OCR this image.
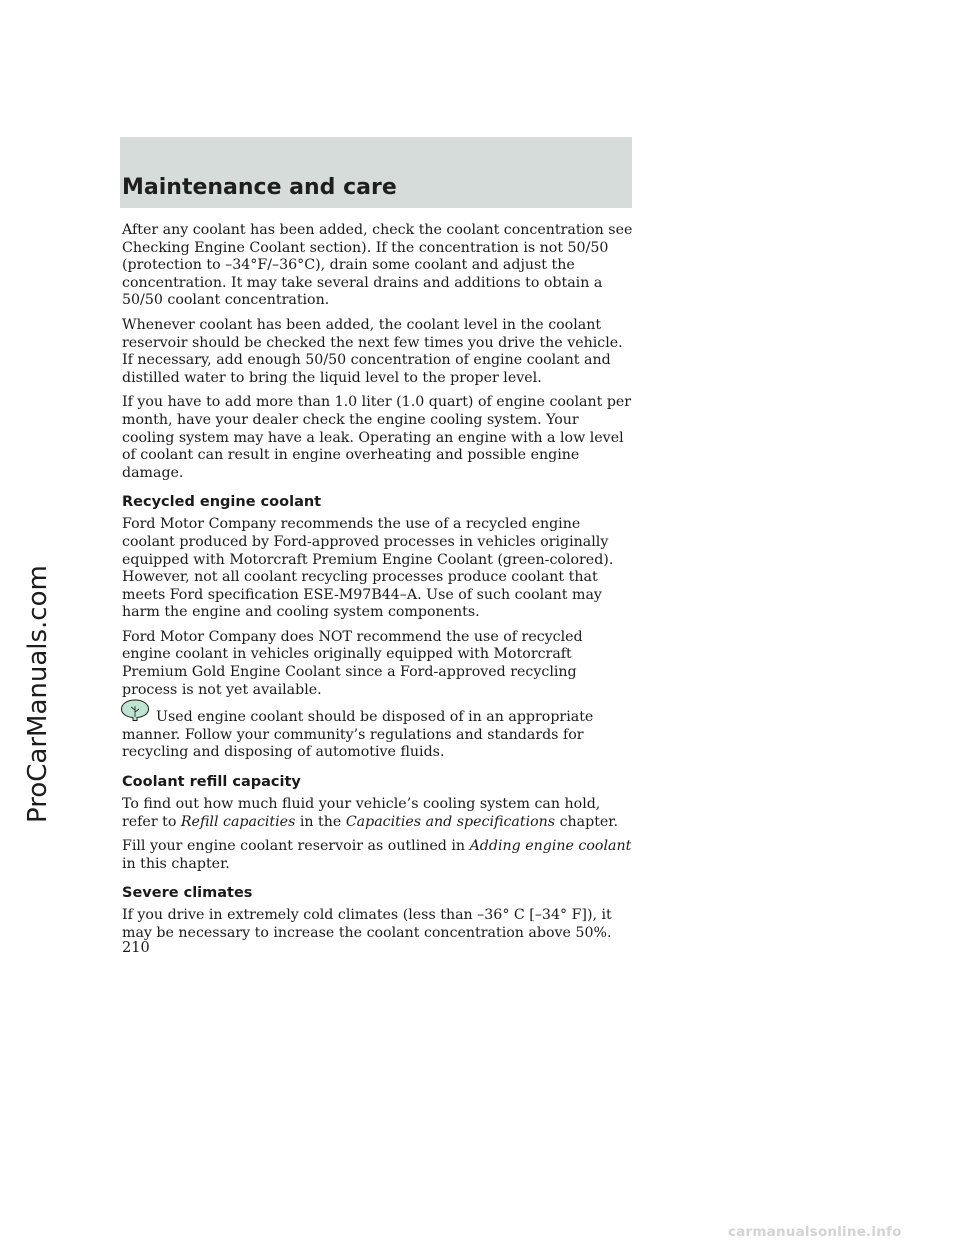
Maintenance and care

After any coolant has been added, check the coolant concentration see Checking Engine Coolant section). If the concentration is not 50/50 (protection to –34°F/–36°C), drain some coolant and adjust the concentration. It may take several drains and additions to obtain a 50/50 coolant concentration.

Whenever coolant has been added, the coolant level in the coolant reservoir should be checked the next few times you drive the vehicle. If necessary, add enough 50/50 concentration of engine coolant and distilled water to bring the liquid level to the proper level.

If you have to add more than 1.0 liter (1.0 quart) of engine coolant per month, have your dealer check the engine cooling system. Your cooling system may have a leak. Operating an engine with a low level of coolant can result in engine overheating and possible engine damage.

Recycled engine coolant

Ford Motor Company recommends the use of a recycled engine coolant produced by Ford-approved processes in vehicles originally equipped with Motorcraft Premium Engine Coolant (green-colored). However, not all coolant recycling processes produce coolant that meets Ford specification ESE-M97B44–A. Use of such coolant may harm the engine and cooling system components.

Ford Motor Company does NOT recommend the use of recycled engine coolant in vehicles originally equipped with Motorcraft Premium Gold Engine Coolant since a Ford-approved recycling process is not yet available.

Used engine coolant should be disposed of in an appropriate manner. Follow your community’s regulations and standards for recycling and disposing of automotive fluids.

Coolant refill capacity

To find out how much fluid your vehicle’s cooling system can hold, refer to Refill capacities in the Capacities and specifications chapter.

Fill your engine coolant reservoir as outlined in Adding engine coolant in this chapter.

Severe climates

If you drive in extremely cold climates (less than –36° C [–34° F]), it may be necessary to increase the coolant concentration above 50%.

210

ProCarManuals.com
carmanualsonline.info
